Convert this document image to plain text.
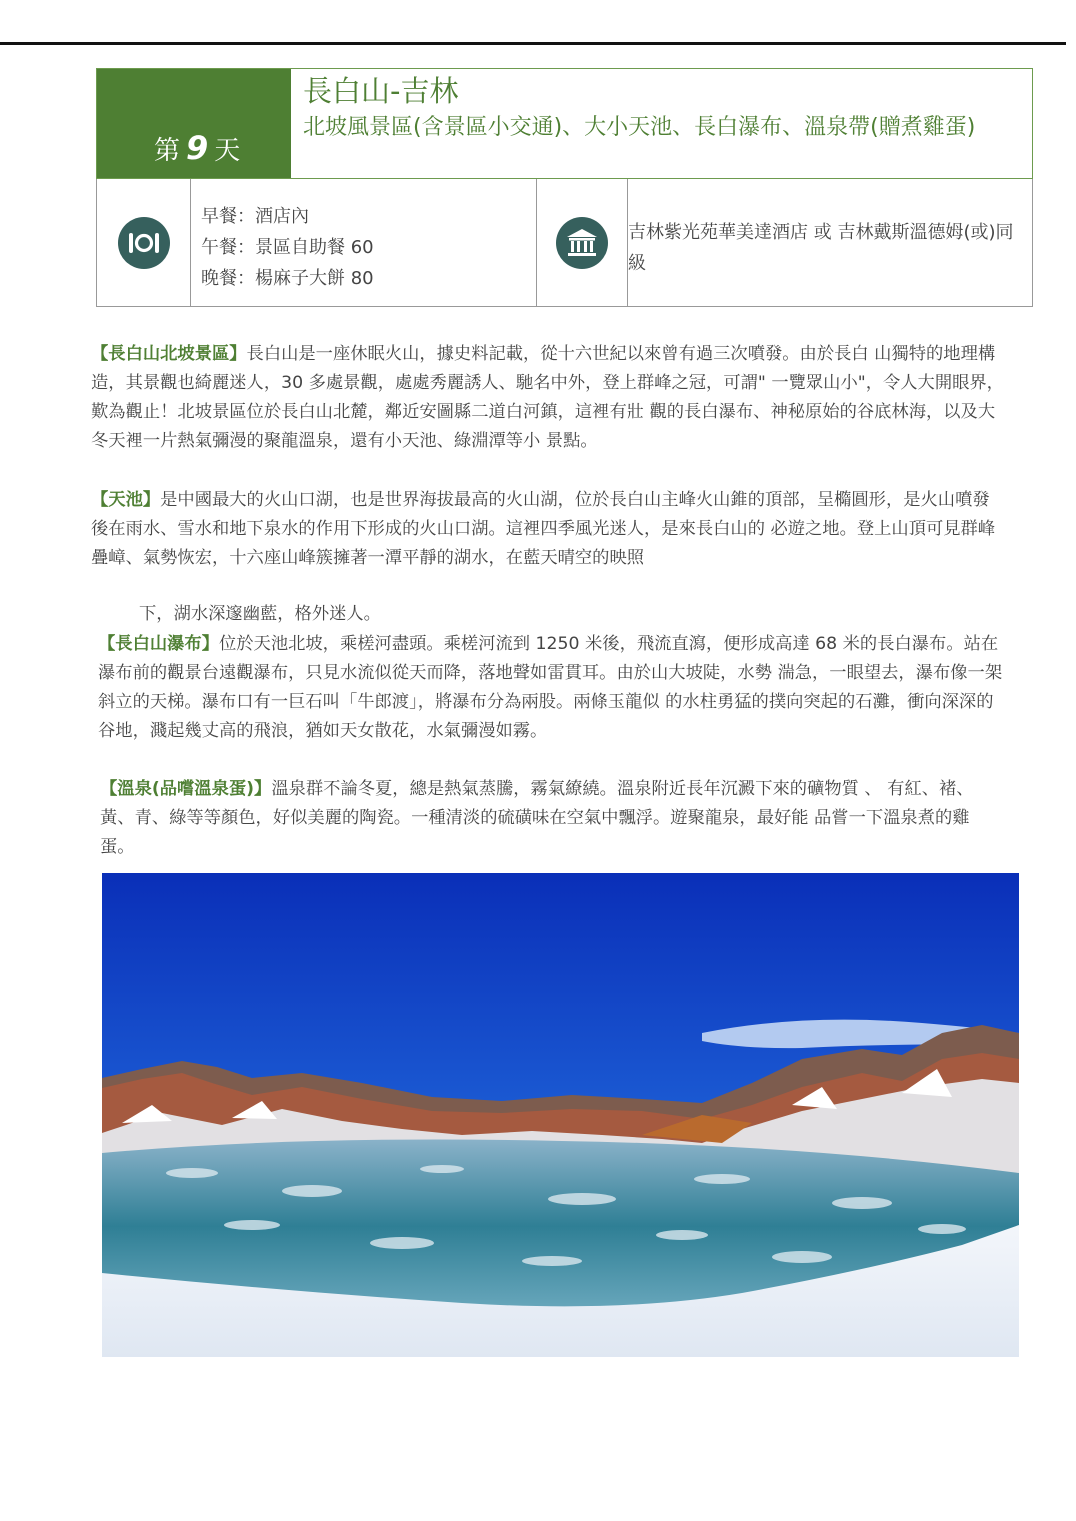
第 9 天
長白山-吉林
北坡風景區(含景區小交通)、大小天池、長白瀑布、溫泉帶(贈煮雞蛋)
早餐：酒店內
午餐：景區自助餐 60
晚餐：楊麻子大餅 80
吉林紫光苑華美達酒店 或 吉林戴斯溫德姆(或)同級
【長白山北坡景區】長白山是一座休眠火山，據史料記載，從十六世紀以來曾有過三次噴發。由於長白 山獨特的地理構造，其景觀也綺麗迷人，30 多處景觀，處處秀麗誘人、馳名中外，登上群峰之冠，可謂" 一覽眾山小"，令人大開眼界，歎為觀止！北坡景區位於長白山北麓，鄰近安圖縣二道白河鎮，這裡有壯 觀的長白瀑布、神秘原始的谷底林海，以及大冬天裡一片熱氣彌漫的聚龍溫泉，還有小天池、綠淵潭等小 景點。
【天池】是中國最大的火山口湖，也是世界海拔最高的火山湖，位於長白山主峰火山錐的頂部，呈橢圓形，是火山噴發後在雨水、雪水和地下泉水的作用下形成的火山口湖。這裡四季風光迷人，是來長白山的 必遊之地。登上山頂可見群峰疊嶂、氣勢恢宏，十六座山峰簇擁著一潭平靜的湖水，在藍天晴空的映照
下，湖水深邃幽藍，格外迷人。
【長白山瀑布】位於天池北坡，乘槎河盡頭。乘槎河流到 1250 米後，飛流直瀉，便形成高達 68 米的長白瀑布。站在瀑布前的觀景台遠觀瀑布，只見水流似從天而降，落地聲如雷貫耳。由於山大坡陡，水勢 湍急，一眼望去，瀑布像一架斜立的天梯。瀑布口有一巨石叫「牛郎渡」，將瀑布分為兩股。兩條玉龍似 的水柱勇猛的撲向突起的石灘，衝向深深的谷地，濺起幾丈高的飛浪，猶如天女散花，水氣彌漫如霧。
【溫泉(品嚐溫泉蛋)】溫泉群不論冬夏，總是熱氣蒸騰，霧氣繚繞。溫泉附近長年沉澱下來的礦物質 、 有紅、褚、黃、青、綠等等顏色，好似美麗的陶瓷。一種清淡的硫磺味在空氣中飄浮。遊聚龍泉，最好能 品嘗一下溫泉煮的雞蛋。
